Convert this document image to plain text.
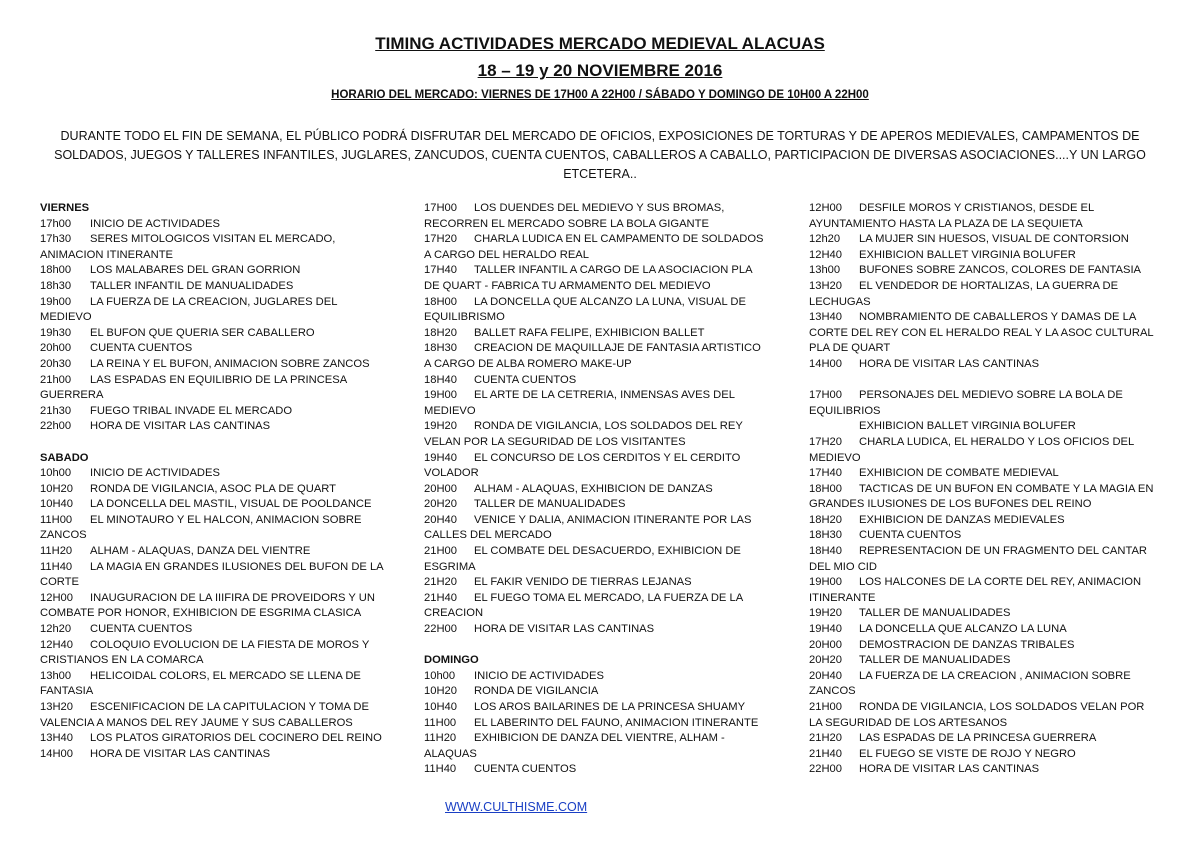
TIMING ACTIVIDADES MERCADO MEDIEVAL ALACUAS
18 – 19 y 20 NOVIEMBRE 2016
HORARIO DEL MERCADO: VIERNES DE 17H00 A 22H00 / SÁBADO Y DOMINGO DE 10H00 A 22H00

DURANTE TODO EL FIN DE SEMANA, EL PÚBLICO PODRÁ DISFRUTAR DEL MERCADO DE OFICIOS, EXPOSICIONES DE TORTURAS Y DE APEROS MEDIEVALES, CAMPAMENTOS DE SOLDADOS, JUEGOS Y TALLERES INFANTILES, JUGLARES, ZANCUDOS, CUENTA CUENTOS, CABALLEROS A CABALLO, PARTICIPACION DE DIVERSAS ASOCIACIONES....Y UN LARGO ETCETERA..

VIERNES
17h00 INICIO DE ACTIVIDADES
17h30 SERES MITOLOGICOS VISITAN EL MERCADO, ANIMACION ITINERANTE
18h00 LOS MALABARES DEL GRAN GORRION
18h30 TALLER INFANTIL DE MANUALIDADES
19h00 LA FUERZA DE LA CREACION, JUGLARES DEL MEDIEVO
19h30 EL BUFON QUE QUERIA SER CABALLERO
20h00 CUENTA CUENTOS
20h30 LA REINA Y EL BUFON, ANIMACION SOBRE ZANCOS
21h00 LAS ESPADAS EN EQUILIBRIO DE LA PRINCESA GUERRERA
21h30 FUEGO TRIBAL INVADE EL MERCADO
22h00 HORA DE VISITAR LAS CANTINAS
SABADO
10h00 INICIO DE ACTIVIDADES
10H20 RONDA DE VIGILANCIA, ASOC PLA DE QUART
10H40 LA DONCELLA DEL MASTIL, VISUAL DE POOLDANCE
11H00 EL MINOTAURO Y EL HALCON, ANIMACION SOBRE ZANCOS
11H20 ALHAM - ALAQUAS, DANZA DEL VIENTRE
11H40 LA MAGIA EN GRANDES ILUSIONES DEL BUFON DE LA CORTE
12H00 INAUGURACION DE LA IIIFIRA DE PROVEIDORS Y UN COMBATE POR HONOR, EXHIBICION DE ESGRIMA CLASICA
12h20 CUENTA CUENTOS
12H40 COLOQUIO EVOLUCION DE LA FIESTA DE MOROS Y CRISTIANOS EN LA COMARCA
13h00 HELICOIDAL COLORS, EL MERCADO SE LLENA DE FANTASIA
13H20 ESCENIFICACION DE LA CAPITULACION Y TOMA DE VALENCIA A MANOS DEL REY JAUME Y SUS CABALLEROS
13H40 LOS PLATOS GIRATORIOS DEL COCINERO DEL REINO
14H00 HORA DE VISITAR LAS CANTINAS
17H00 LOS DUENDES DEL MEDIEVO Y SUS BROMAS, RECORREN EL MERCADO SOBRE LA BOLA GIGANTE
17H20 CHARLA LUDICA EN EL CAMPAMENTO DE SOLDADOS A CARGO DEL HERALDO REAL
17H40 TALLER INFANTIL A CARGO DE LA ASOCIACION PLA DE QUART - FABRICA TU ARMAMENTO DEL MEDIEVO
18H00 LA DONCELLA QUE ALCANZO LA LUNA, VISUAL DE EQUILIBRISMO
18H20 BALLET RAFA FELIPE, EXHIBICION BALLET
18H30 CREACION DE MAQUILLAJE DE FANTASIA ARTISTICO A CARGO DE ALBA ROMERO MAKE-UP
18H40 CUENTA CUENTOS
19H00 EL ARTE DE LA CETRERIA, INMENSAS AVES DEL MEDIEVO
19H20 RONDA DE VIGILANCIA, LOS SOLDADOS DEL REY VELAN POR LA SEGURIDAD DE LOS VISITANTES
19H40 EL CONCURSO DE LOS CERDITOS Y EL CERDITO VOLADOR
20H00 ALHAM - ALAQUAS, EXHIBICION DE DANZAS
20H20 TALLER DE MANUALIDADES
20H40 VENICE Y DALIA, ANIMACION ITINERANTE POR LAS CALLES DEL MERCADO
21H00 EL COMBATE DEL DESACUERDO, EXHIBICION DE ESGRIMA
21H20 EL FAKIR VENIDO DE TIERRAS LEJANAS
21H40 EL FUEGO TOMA EL MERCADO, LA FUERZA DE LA CREACION
22H00 HORA DE VISITAR LAS CANTINAS
DOMINGO
10h00 INICIO DE ACTIVIDADES
10H20 RONDA DE VIGILANCIA
10H40 LOS AROS BAILARINES DE LA PRINCESA SHUAMY
11H00 EL LABERINTO DEL FAUNO, ANIMACION ITINERANTE
11H20 EXHIBICION DE DANZA DEL VIENTRE, ALHAM - ALAQUAS
11H40 CUENTA CUENTOS
12H00 DESFILE MOROS Y CRISTIANOS, DESDE EL AYUNTAMIENTO HASTA LA PLAZA DE LA SEQUIETA
12h20 LA MUJER SIN HUESOS, VISUAL DE CONTORSION
12H40 EXHIBICION BALLET VIRGINIA BOLUFER
13h00 BUFONES SOBRE ZANCOS, COLORES DE FANTASIA
13H20 EL VENDEDOR DE HORTALIZAS, LA GUERRA DE LECHUGAS
13H40 NOMBRAMIENTO DE CABALLEROS Y DAMAS DE LA CORTE DEL REY CON EL HERALDO REAL Y LA ASOC CULTURAL PLA DE QUART
14H00 HORA DE VISITAR LAS CANTINAS
17H00 PERSONAJES DEL MEDIEVO SOBRE LA BOLA DE EQUILIBRIOS
EXHIBICION BALLET VIRGINIA BOLUFER
17H20 CHARLA LUDICA, EL HERALDO Y LOS OFICIOS DEL MEDIEVO
17H40 EXHIBICION DE COMBATE MEDIEVAL
18H00 TACTICAS DE UN BUFON EN COMBATE Y LA MAGIA EN GRANDES ILUSIONES DE LOS BUFONES DEL REINO
18H20 EXHIBICION DE DANZAS MEDIEVALES
18H30 CUENTA CUENTOS
18H40 REPRESENTACION DE UN FRAGMENTO DEL CANTAR DEL MIO CID
19H00 LOS HALCONES DE LA CORTE DEL REY, ANIMACION ITINERANTE
19H20 TALLER DE MANUALIDADES
19H40 LA DONCELLA QUE ALCANZO LA LUNA
20H00 DEMOSTRACION DE DANZAS TRIBALES
20H20 TALLER DE MANUALIDADES
20H40 LA FUERZA DE LA CREACION , ANIMACION SOBRE ZANCOS
21H00 RONDA DE VIGILANCIA, LOS SOLDADOS VELAN POR LA SEGURIDAD DE LOS ARTESANOS
21H20 LAS ESPADAS DE LA PRINCESA GUERRERA
21H40 EL FUEGO SE VISTE DE ROJO Y NEGRO
22H00 HORA DE VISITAR LAS CANTINAS
WWW.CULTHISME.COM
